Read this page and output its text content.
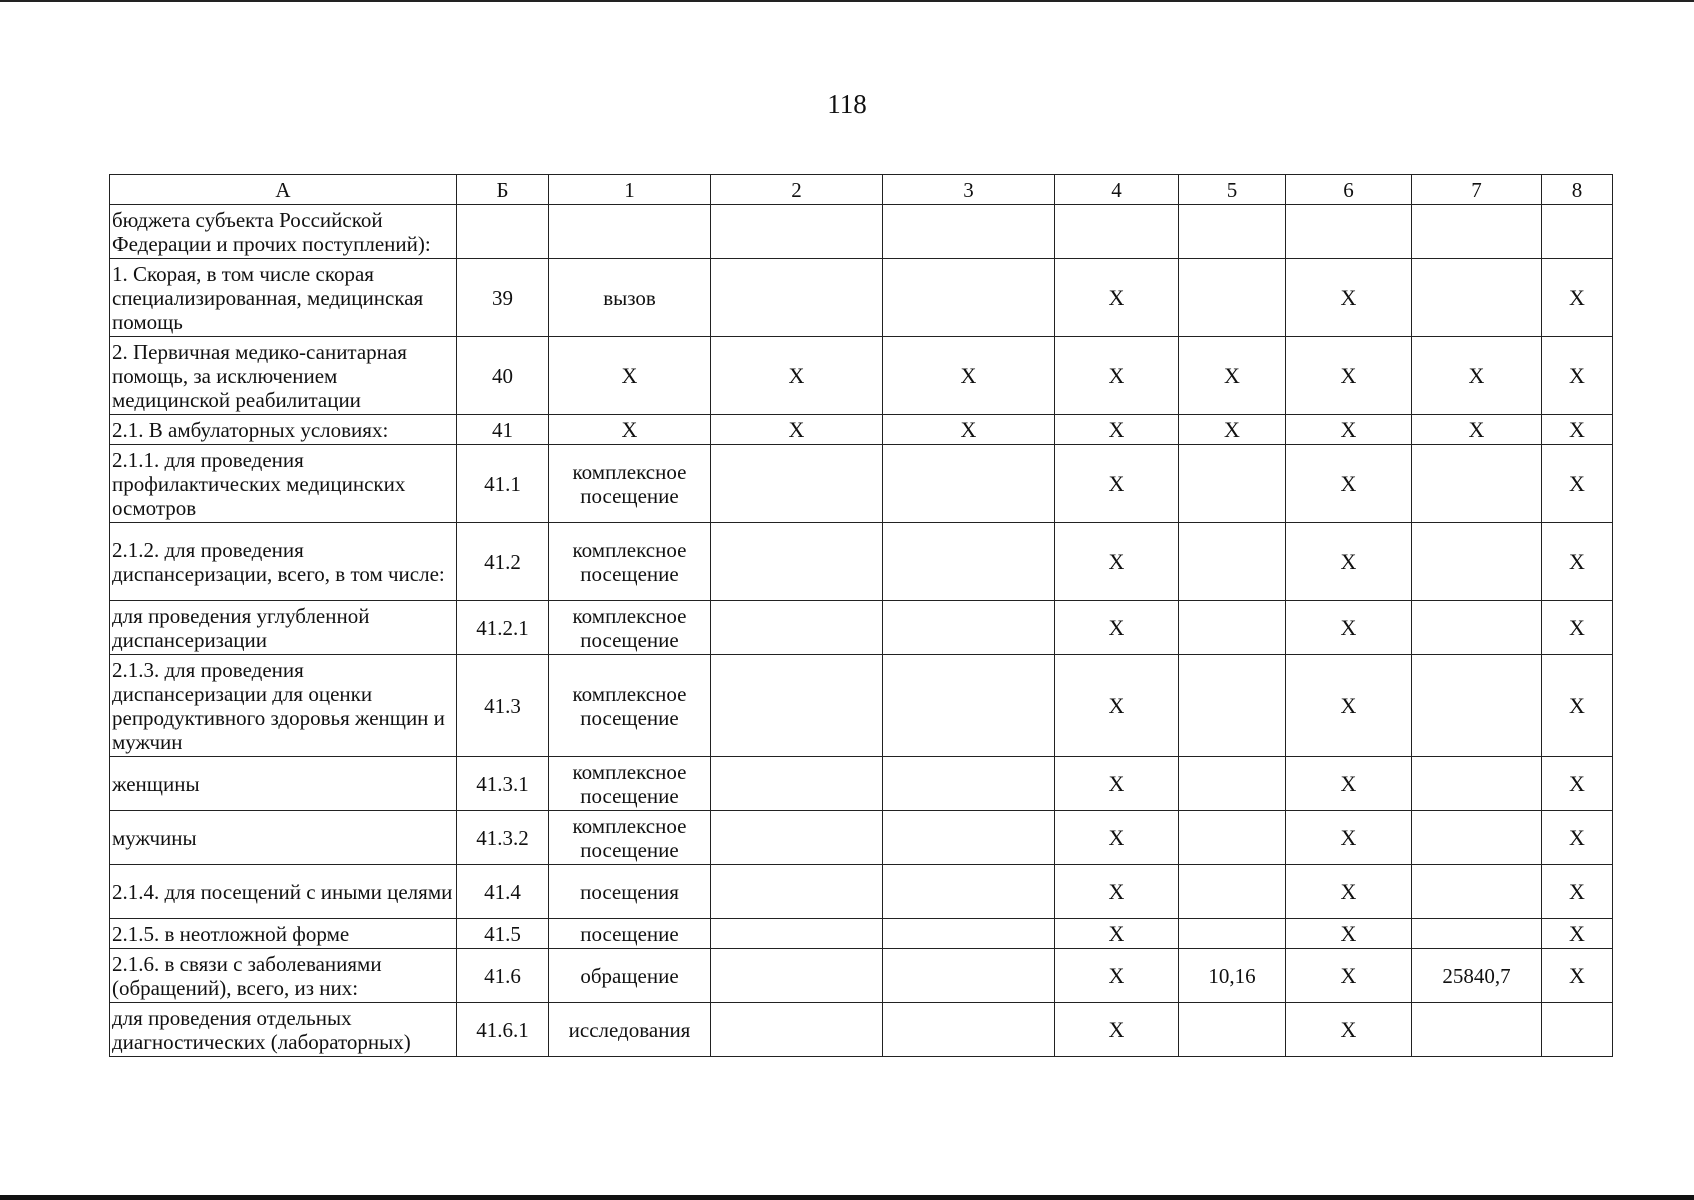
118
А	Б	1	2	3	4	5	6	7	8
бюджета субъекта Российской Федерации и прочих поступлений):									
1. Скорая, в том числе скорая специализированная, медицинская помощь	39	вызов			X		X		X
2. Первичная медико-санитарная помощь, за исключением медицинской реабилитации	40	X	X	X	X	X	X	X	X
2.1. В амбулаторных условиях:	41	X	X	X	X	X	X	X	X
2.1.1. для проведения профилактических медицинских осмотров	41.1	комплексное посещение			X		X		X
2.1.2. для проведения диспансеризации, всего, в том числе:	41.2	комплексное посещение			X		X		X
для проведения углубленной диспансеризации	41.2.1	комплексное посещение			X		X		X
2.1.3. для проведения диспансеризации для оценки репродуктивного здоровья женщин и мужчин	41.3	комплексное посещение			X		X		X
женщины	41.3.1	комплексное посещение			X		X		X
мужчины	41.3.2	комплексное посещение			X		X		X
2.1.4. для посещений с иными целями	41.4	посещения			X		X		X
2.1.5. в неотложной форме	41.5	посещение			X		X		X
2.1.6. в связи с заболеваниями (обращений), всего, из них:	41.6	обращение			X	10,16	X	25840,7	X
для проведения отдельных диагностических (лабораторных)	41.6.1	исследования			X		X		
